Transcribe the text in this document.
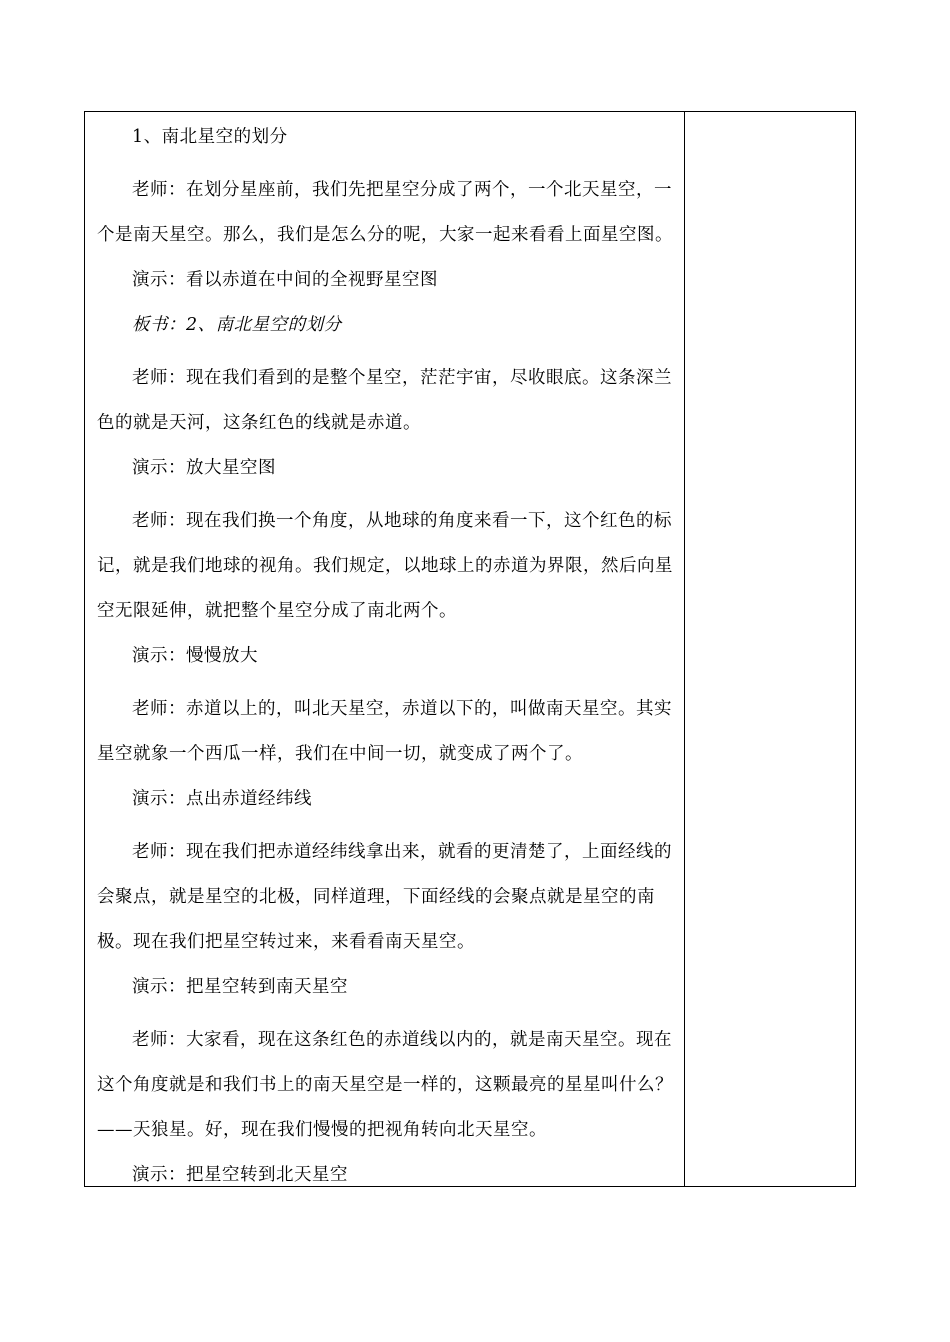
1、南北星空的划分

老师：在划分星座前，我们先把星空分成了两个，一个北天星空，一个是南天星空。那么，我们是怎么分的呢，大家一起来看看上面星空图。

演示：看以赤道在中间的全视野星空图

板书：2、南北星空的划分

老师：现在我们看到的是整个星空，茫茫宇宙，尽收眼底。这条深兰色的就是天河，这条红色的线就是赤道。

演示：放大星空图

老师：现在我们换一个角度，从地球的角度来看一下，这个红色的标记，就是我们地球的视角。我们规定，以地球上的赤道为界限，然后向星空无限延伸，就把整个星空分成了南北两个。

演示：慢慢放大

老师：赤道以上的，叫北天星空，赤道以下的，叫做南天星空。其实星空就象一个西瓜一样，我们在中间一切，就变成了两个了。

演示：点出赤道经纬线

老师：现在我们把赤道经纬线拿出来，就看的更清楚了，上面经线的会聚点，就是星空的北极，同样道理，下面经线的会聚点就是星空的南极。现在我们把星空转过来，来看看南天星空。

演示：把星空转到南天星空

老师：大家看，现在这条红色的赤道线以内的，就是南天星空。现在这个角度就是和我们书上的南天星空是一样的，这颗最亮的星星叫什么？——天狼星。好，现在我们慢慢的把视角转向北天星空。

演示：把星空转到北天星空
